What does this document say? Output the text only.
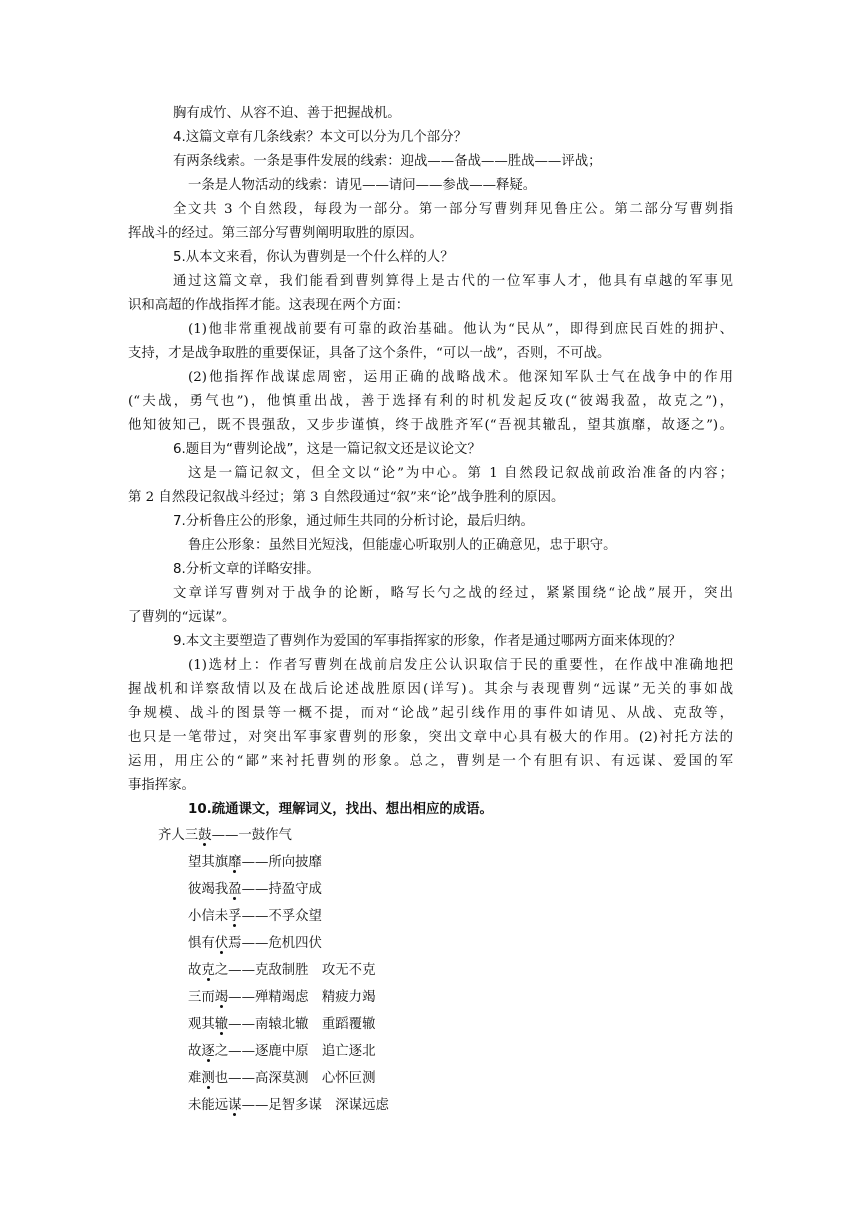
胸有成竹、从容不迫、善于把握战机。
4.这篇文章有几条线索？本文可以分为几个部分？
有两条线索。一条是事件发展的线索：迎战——备战——胜战——评战；
一条是人物活动的线索：请见——请问——参战——释疑。
全文共 3 个自然段，每段为一部分。第一部分写曹刿拜见鲁庄公。第二部分写曹刿指
挥战斗的经过。第三部分写曹刿阐明取胜的原因。
5.从本文来看，你认为曹刿是一个什么样的人？
通过这篇文章，我们能看到曹刿算得上是古代的一位军事人才，他具有卓越的军事见
识和高超的作战指挥才能。这表现在两个方面：
(1)他非常重视战前要有可靠的政治基础。他认为“民从”，即得到庶民百姓的拥护、
支持，才是战争取胜的重要保证，具备了这个条件，“可以一战”，否则，不可战。
(2)他指挥作战谋虑周密，运用正确的战略战术。他深知军队士气在战争中的作用
(“夫战，勇气也”)，他慎重出战，善于选择有利的时机发起反攻(“彼竭我盈，故克之”)，
他知彼知己，既不畏强敌，又步步谨慎，终于战胜齐军(“吾视其辙乱，望其旗靡，故逐之”)。
6.题目为“曹刿论战”，这是一篇记叙文还是议论文？
这是一篇记叙文，但全文以“论”为中心。第 1 自然段记叙战前政治准备的内容；
第 2 自然段记叙战斗经过；第 3 自然段通过“叙”来“论”战争胜利的原因。
7.分析鲁庄公的形象，通过师生共同的分析讨论，最后归纳。
鲁庄公形象：虽然目光短浅，但能虚心听取别人的正确意见，忠于职守。
8.分析文章的详略安排。
文章详写曹刿对于战争的论断，略写长勺之战的经过，紧紧围绕“论战”展开，突出
了曹刿的“远谋”。
9.本文主要塑造了曹刿作为爱国的军事指挥家的形象，作者是通过哪两方面来体现的？
(1)选材上：作者写曹刿在战前启发庄公认识取信于民的重要性，在作战中准确地把
握战机和详察敌情以及在战后论述战胜原因(详写)。其余与表现曹刿“远谋”无关的事如战
争规模、战斗的图景等一概不提，而对“论战”起引线作用的事件如请见、从战、克敌等，
也只是一笔带过，对突出军事家曹刿的形象，突出文章中心具有极大的作用。(2)衬托方法的
运用，用庄公的“鄙”来衬托曹刿的形象。总之，曹刿是一个有胆有识、有远谋、爱国的军
事指挥家。
10.疏通课文，理解词义，找出、想出相应的成语。
齐人三鼓——一鼓作气
望其旗靡——所向披靡
彼竭我盈——持盈守成
小信未孚——不孚众望
惧有伏焉——危机四伏
故克之——克敌制胜　攻无不克
三而竭——殚精竭虑　精疲力竭
观其辙——南辕北辙　重蹈覆辙
故逐之——逐鹿中原　追亡逐北
难测也——高深莫测　心怀叵测
未能远谋——足智多谋　深谋远虑
